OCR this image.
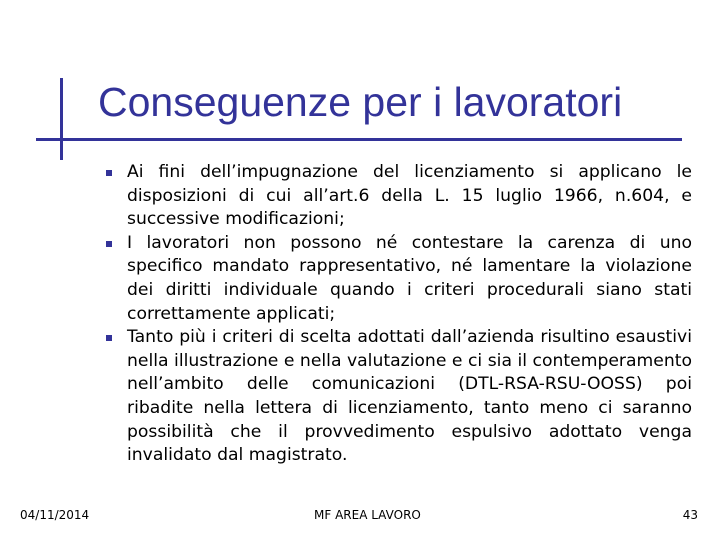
Conseguenze per i lavoratori
Ai fini dell’impugnazione del licenziamento si applicano le disposizioni di cui all’art.6 della L. 15 luglio 1966, n.604, e successive modificazioni;
I lavoratori non possono né contestare la carenza di uno specifico mandato rappresentativo, né lamentare la violazione dei diritti individuale quando i criteri procedurali siano stati correttamente applicati;
Tanto più i criteri di scelta adottati dall’azienda risultino esaustivi nella illustrazione e nella valutazione e ci sia il contemperamento nell’ambito delle comunicazioni (DTL-RSA-RSU-OOSS) poi ribadite nella lettera di licenziamento, tanto meno ci saranno possibilità che il provvedimento espulsivo adottato venga invalidato dal magistrato.
04/11/2014	MF AREA LAVORO	43
